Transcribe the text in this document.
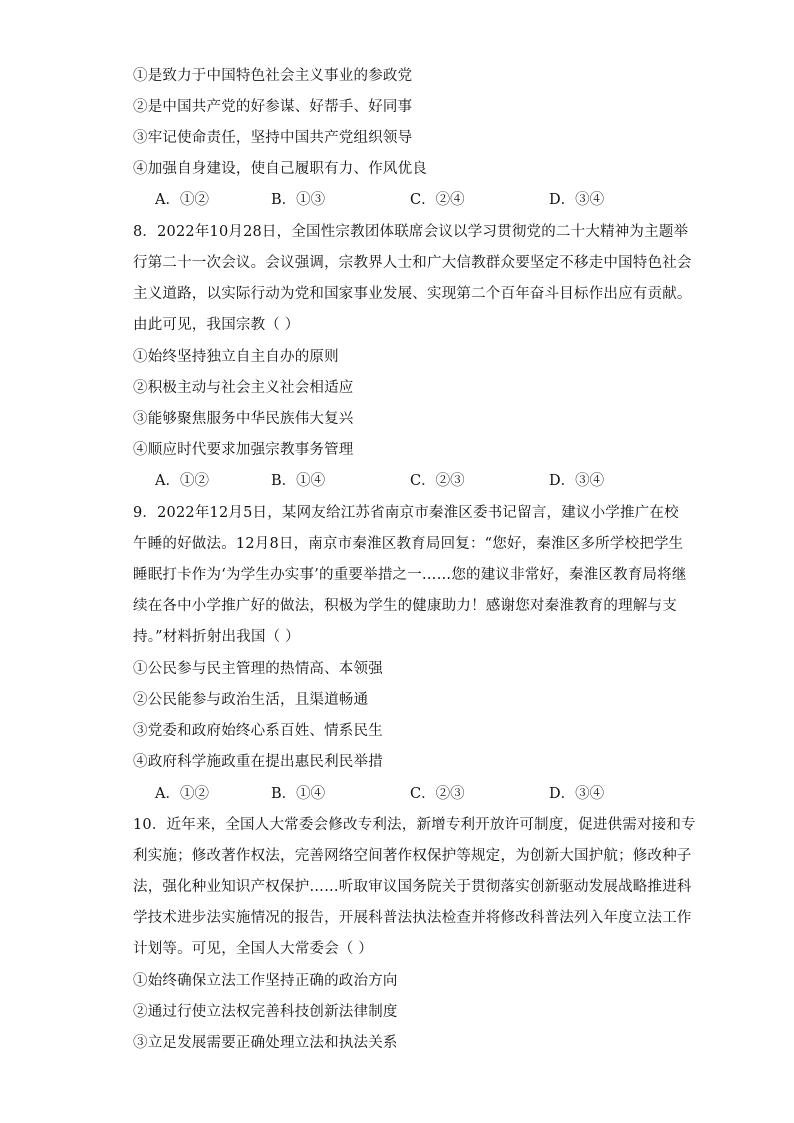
①是致力于中国特色社会主义事业的参政党
②是中国共产党的好参谋、好帮手、好同事
③牢记使命责任，坚持中国共产党组织领导
④加强自身建设，使自己履职有力、作风优良
A．①②	B．①③	C．②④	D．③④
8．2022年10月28日，全国性宗教团体联席会议以学习贯彻党的二十大精神为主题举
行第二十一次会议。会议强调，宗教界人士和广大信教群众要坚定不移走中国特色社会
主义道路，以实际行动为党和国家事业发展、实现第二个百年奋斗目标作出应有贡献。
由此可见，我国宗教（ ）
①始终坚持独立自主自办的原则
②积极主动与社会主义社会相适应
③能够聚焦服务中华民族伟大复兴
④顺应时代要求加强宗教事务管理
A．①②	B．①④	C．②③	D．③④
9．2022年12月5日，某网友给江苏省南京市秦淮区委书记留言，建议小学推广在校
午睡的好做法。12月8日，南京市秦淮区教育局回复：“您好，秦淮区多所学校把学生
睡眠打卡作为‘为学生办实事’的重要举措之一……您的建议非常好，秦淮区教育局将继
续在各中小学推广好的做法，积极为学生的健康助力！感谢您对秦淮教育的理解与支
持。”材料折射出我国（ ）
①公民参与民主管理的热情高、本领强
②公民能参与政治生活，且渠道畅通
③党委和政府始终心系百姓、情系民生
④政府科学施政重在提出惠民利民举措
A．①②	B．①④	C．②③	D．③④
10．近年来，全国人大常委会修改专利法，新增专利开放许可制度，促进供需对接和专
利实施；修改著作权法，完善网络空间著作权保护等规定，为创新大国护航；修改种子
法，强化种业知识产权保护……听取审议国务院关于贯彻落实创新驱动发展战略推进科
学技术进步法实施情况的报告，开展科普法执法检查并将修改科普法列入年度立法工作
计划等。可见，全国人大常委会（ ）
①始终确保立法工作坚持正确的政治方向
②通过行使立法权完善科技创新法律制度
③立足发展需要正确处理立法和执法关系
